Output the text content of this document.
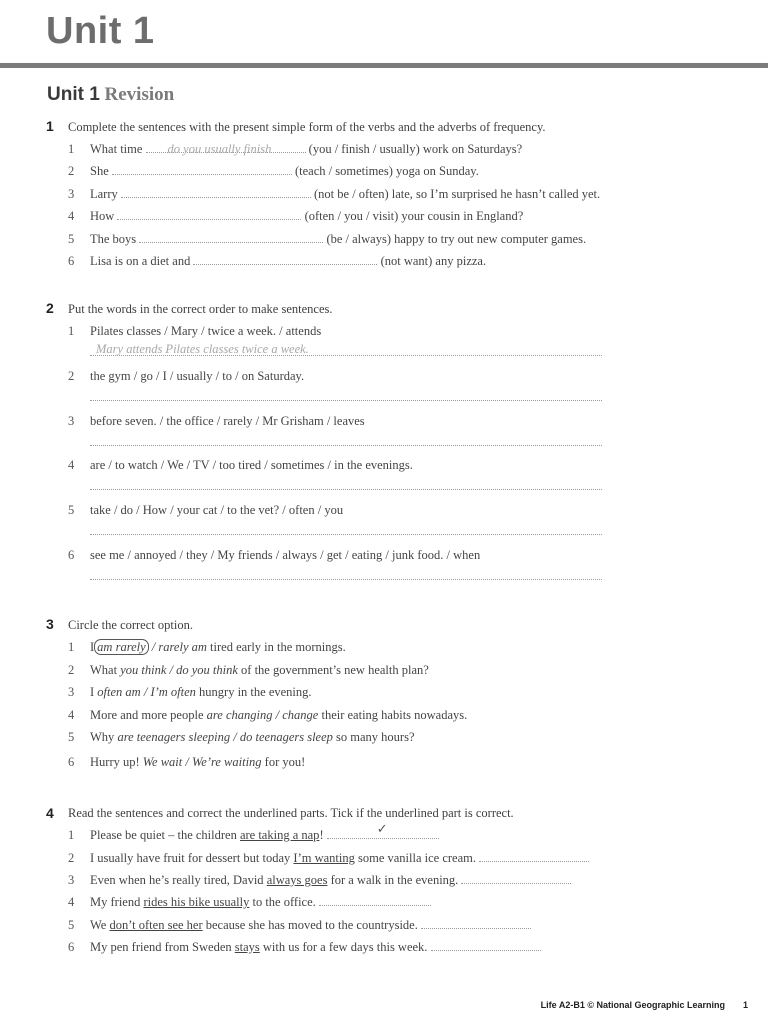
Unit 1
Unit 1 Revision
1 Complete the sentences with the present simple form of the verbs and the adverbs of frequency.
1 What time do you usually finish	(you / finish / usually) work on Saturdays?
2 She	(teach / sometimes) yoga on Sunday.
3 Larry	(not be / often) late, so I’m surprised he hasn’t called yet.
4 How	(often / you / visit) your cousin in England?
5 The boys	(be / always) happy to try out new computer games.
6 Lisa is on a diet and	(not want) any pizza.
2 Put the words in the correct order to make sentences.
1 Pilates classes / Mary / twice a week. / attends
Mary attends Pilates classes twice a week.
2 the gym / go / I / usually / to / on Saturday.
3 before seven. / the office / rarely / Mr Grisham / leaves
4 are / to watch / We / TV / too tired / sometimes / in the evenings.
5 take / do / How / your cat / to the vet? / often / you
6 see me / annoyed / they / My friends / always / get / eating / junk food. / when
3 Circle the correct option.
1 I am rarely / rarely am tired early in the mornings.
2 What you think / do you think of the government’s new health plan?
3 I often am / I’m often hungry in the evening.
4 More and more people are changing / change their eating habits nowadays.
5 Why are teenagers sleeping / do teenagers sleep so many hours?
6 Hurry up! We wait / We’re waiting for you!
4 Read the sentences and correct the underlined parts. Tick if the underlined part is correct.
1 Please be quiet – the children are taking a nap!	✓
2 I usually have fruit for dessert but today I’m wanting some vanilla ice cream.
3 Even when he’s really tired, David always goes for a walk in the evening.
4 My friend rides his bike usually to the office.
5 We don’t often see her because she has moved to the countryside.
6 My pen friend from Sweden stays with us for a few days this week.
Life A2-B1 © National Geographic Learning 1
